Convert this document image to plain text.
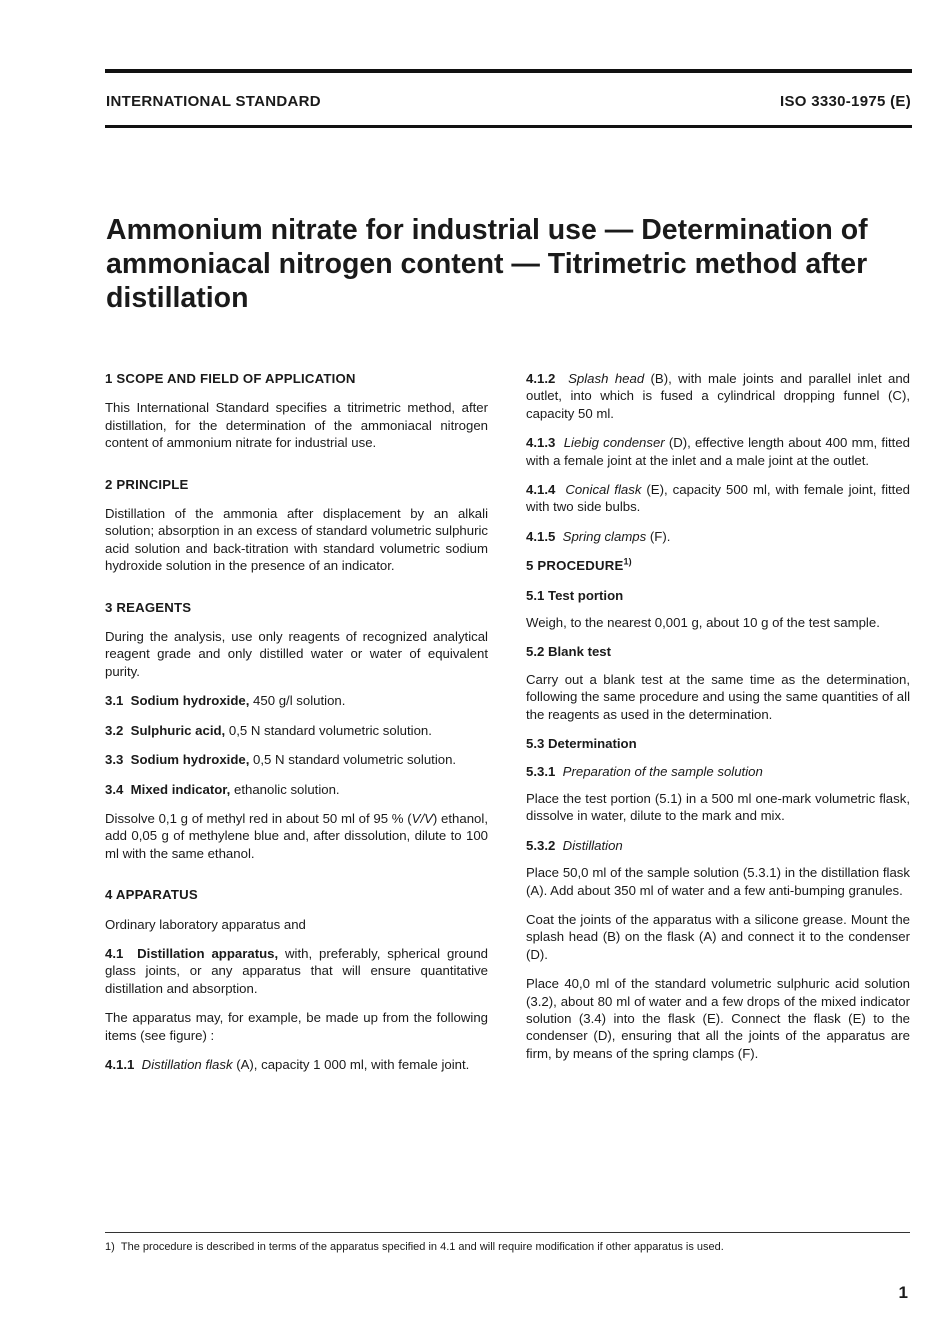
INTERNATIONAL STANDARD	ISO 3330-1975 (E)
Ammonium nitrate for industrial use — Determination of ammoniacal nitrogen content — Titrimetric method after distillation
1 SCOPE AND FIELD OF APPLICATION

This International Standard specifies a titrimetric method, after distillation, for the determination of the ammoniacal nitrogen content of ammonium nitrate for industrial use.

2 PRINCIPLE

Distillation of the ammonia after displacement by an alkali solution; absorption in an excess of standard volumetric sulphuric acid solution and back-titration with standard volumetric sodium hydroxide solution in the presence of an indicator.

3 REAGENTS

During the analysis, use only reagents of recognized analytical reagent grade and only distilled water or water of equivalent purity.

3.1 Sodium hydroxide, 450 g/l solution.

3.2 Sulphuric acid, 0,5 N standard volumetric solution.

3.3 Sodium hydroxide, 0,5 N standard volumetric solution.

3.4 Mixed indicator, ethanolic solution.

Dissolve 0,1 g of methyl red in about 50 ml of 95 % (V/V) ethanol, add 0,05 g of methylene blue and, after dissolution, dilute to 100 ml with the same ethanol.

4 APPARATUS

Ordinary laboratory apparatus and

4.1 Distillation apparatus, with, preferably, spherical ground glass joints, or any apparatus that will ensure quantitative distillation and absorption.

The apparatus may, for example, be made up from the following items (see figure) :

4.1.1 Distillation flask (A), capacity 1 000 ml, with female joint.

4.1.2 Splash head (B), with male joints and parallel inlet and outlet, into which is fused a cylindrical dropping funnel (C), capacity 50 ml.

4.1.3 Liebig condenser (D), effective length about 400 mm, fitted with a female joint at the inlet and a male joint at the outlet.

4.1.4 Conical flask (E), capacity 500 ml, with female joint, fitted with two side bulbs.

4.1.5 Spring clamps (F).

5 PROCEDURE$^{1)}$
5.1 Test portion

Weigh, to the nearest 0,001 g, about 10 g of the test sample.

5.2 Blank test

Carry out a blank test at the same time as the determination, following the same procedure and using the same quantities of all the reagents as used in the determination.

5.3 Determination
5.3.1 Preparation of the sample solution

Place the test portion (5.1) in a 500 ml one-mark volumetric flask, dissolve in water, dilute to the mark and mix.

5.3.2 Distillation

Place 50,0 ml of the sample solution (5.3.1) in the distillation flask (A). Add about 350 ml of water and a few anti-bumping granules.

Coat the joints of the apparatus with a silicone grease. Mount the splash head (B) on the flask (A) and connect it to the condenser (D).

Place 40,0 ml of the standard volumetric sulphuric acid solution (3.2), about 80 ml of water and a few drops of the mixed indicator solution (3.4) into the flask (E). Connect the flask (E) to the condenser (D), ensuring that all the joints of the apparatus are firm, by means of the spring clamps (F).

1) The procedure is described in terms of the apparatus specified in 4.1 and will require modification if other apparatus is used.
1
